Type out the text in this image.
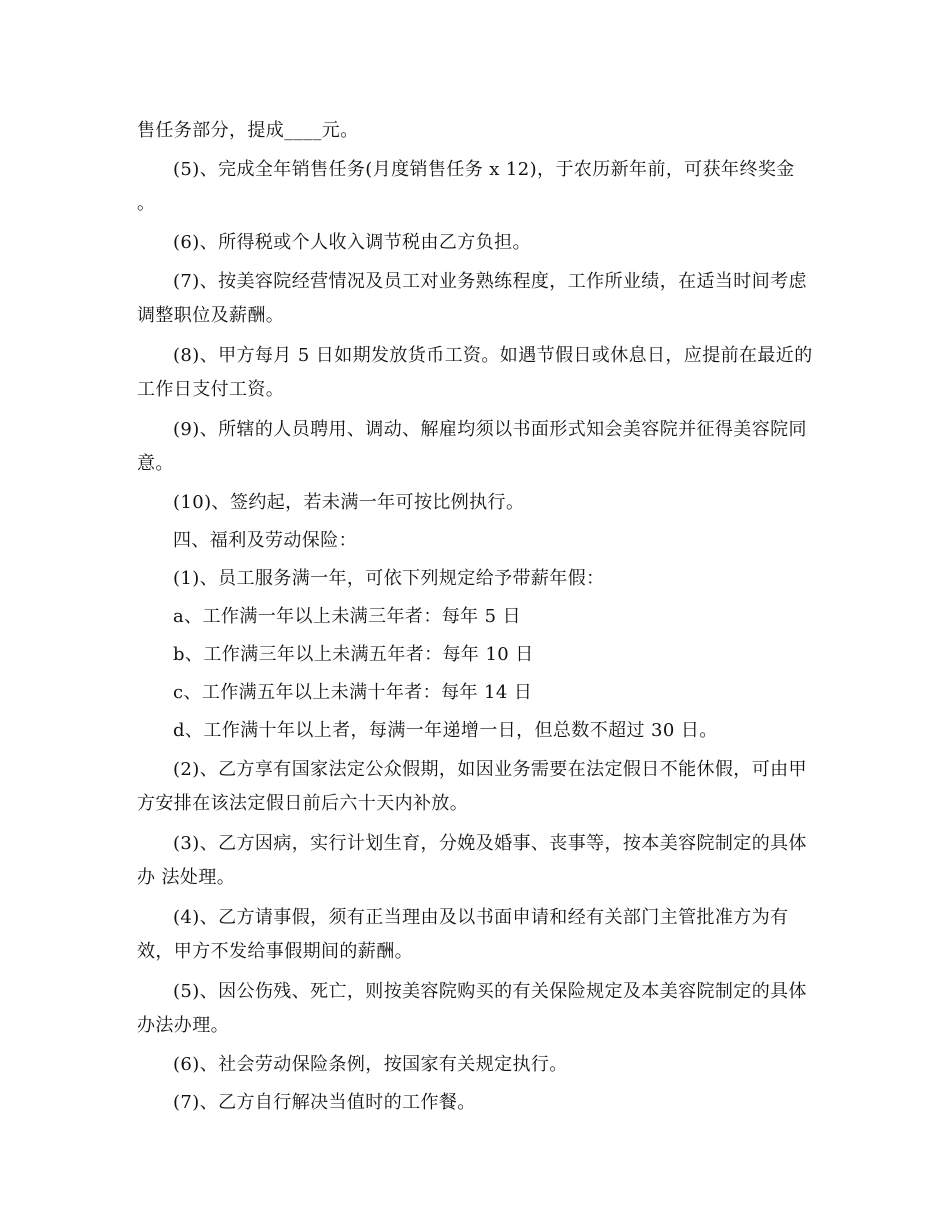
售任务部分，提成____元。

(5)、完成全年销售任务(月度销售任务 x 12)，于农历新年前，可获年终奖金 。

(6)、所得税或个人收入调节税由乙方负担。

(7)、按美容院经营情况及员工对业务熟练程度，工作所业绩，在适当时间考虑调整职位及薪酬。

(8)、甲方每月 5 日如期发放货币工资。如遇节假日或休息日，应提前在最近的工作日支付工资。

(9)、所辖的人员聘用、调动、解雇均须以书面形式知会美容院并征得美容院同意。

(10)、签约起，若未满一年可按比例执行。

四、福利及劳动保险：

(1)、员工服务满一年，可依下列规定给予带薪年假：

a、工作满一年以上未满三年者：每年 5 日

b、工作满三年以上未满五年者：每年 10 日

c、工作满五年以上未满十年者：每年 14 日

d、工作满十年以上者，每满一年递增一日，但总数不超过 30 日。

(2)、乙方享有国家法定公众假期，如因业务需要在法定假日不能休假，可由甲方安排在该法定假日前后六十天内补放。

(3)、乙方因病，实行计划生育，分娩及婚事、丧事等，按本美容院制定的具体办 法处理。

(4)、乙方请事假，须有正当理由及以书面申请和经有关部门主管批准方为有效，甲方不发给事假期间的薪酬。

(5)、因公伤残、死亡，则按美容院购买的有关保险规定及本美容院制定的具体办法办理。

(6)、社会劳动保险条例，按国家有关规定执行。

(7)、乙方自行解决当值时的工作餐。
